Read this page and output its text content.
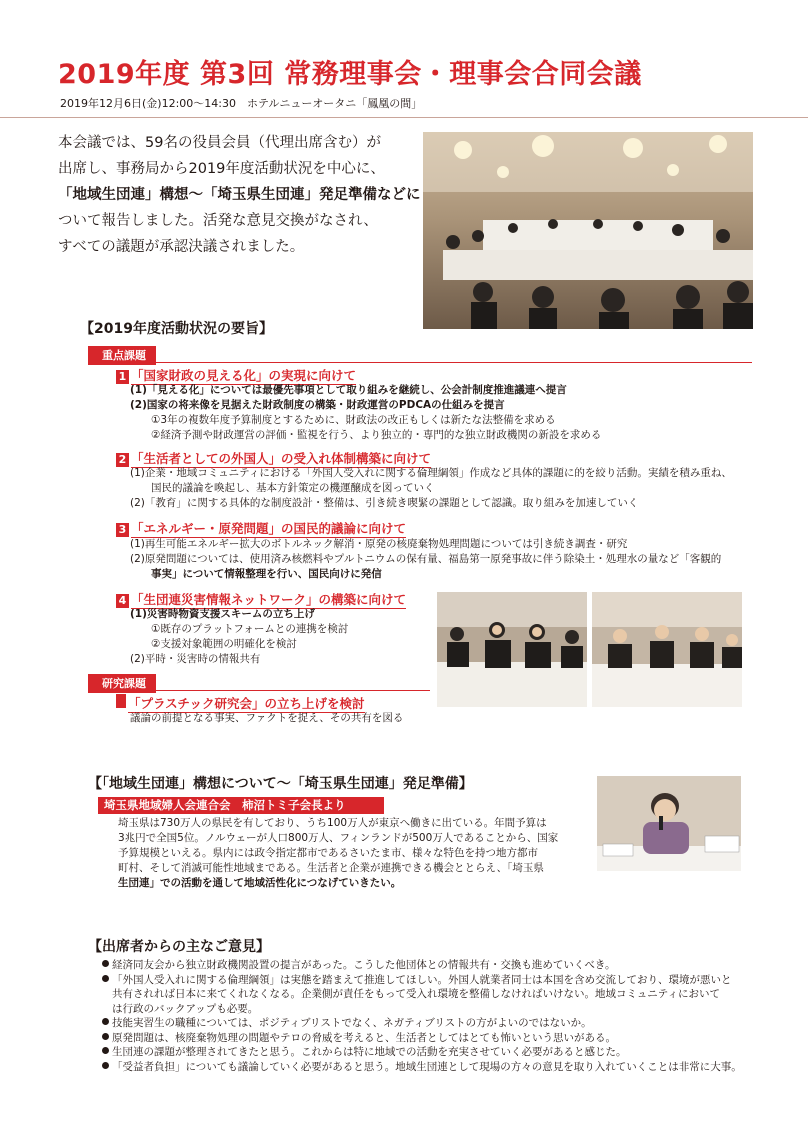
2019年度 第3回 常務理事会・理事会合同会議
2019年12月6日(金)12:00〜14:30　ホテルニューオータニ「鳳凰の間」

本会議では、59名の役員会員（代理出席含む）が

出席し、事務局から2019年度活動状況を中心に、

「地域生団連」構想〜「埼玉県生団連」発足準備などに

ついて報告しました。活発な意見交換がなされ、

すべての議題が承認決議されました。

【2019年度活動状況の要旨】
重点課題
1 「国家財政の見える化」の実現に向けて
(1)「見える化」については最優先事項として取り組みを継続し、公会計制度推進議連へ提言
(2)国家の将来像を見据えた財政制度の構築・財政運営のPDCAの仕組みを提言
　　①3年の複数年度予算制度とするために、財政法の改正もしくは新たな法整備を求める
　　②経済予測や財政運営の評価・監視を行う、より独立的・専門的な独立財政機関の新設を求める
2 「生活者としての外国人」の受入れ体制構築に向けて
(1)企業・地域コミュニティにおける「外国人受入れに関する倫理綱領」作成など具体的課題に的を絞り活動。実績を積み重ね、
　　国民的議論を喚起し、基本方針策定の機運醸成を図っていく
(2)「教育」に関する具体的な制度設計・整備は、引き続き喫緊の課題として認識。取り組みを加速していく
3 「エネルギー・原発問題」の国民的議論に向けて
(1)再生可能エネルギー拡大のボトルネック解消・原発の核廃棄物処理問題については引き続き調査・研究
(2)原発問題については、使用済み核燃料やプルトニウムの保有量、福島第一原発事故に伴う除染土・処理水の量など「客観的
　　事実」について情報整理を行い、国民向けに発信
4 「生団連災害情報ネットワーク」の構築に向けて
(1)災害時物資支援スキームの立ち上げ
　　①既存のプラットフォームとの連携を検討
　　②支援対象範囲の明確化を検討
(2)平時・災害時の情報共有
研究課題
「プラスチック研究会」の立ち上げを検討
議論の前提となる事実、ファクトを捉え、その共有を図る
【「地域生団連」構想について〜「埼玉県生団連」発足準備】
埼玉県地域婦人会連合会　柿沼トミ子会長より

埼玉県は730万人の県民を有しており、うち100万人が東京へ働きに出ている。年間予算は

3兆円で全国5位。ノルウェーが人口800万人、フィンランドが500万人であることから、国家

予算規模といえる。県内には政令指定都市であるさいたま市、様々な特色を持つ地方都市

町村、そして消滅可能性地域まである。生活者と企業が連携できる機会ととらえ、「埼玉県

生団連」での活動を通して地域活性化につなげていきたい。

【出席者からの主なご意見】
経済同友会から独立財政機関設置の提言があった。こうした他団体との情報共有・交換も進めていくべき。
「外国人受入れに関する倫理綱領」は実態を踏まえて推進してほしい。外国人就業者同士は本国を含め交流しており、環境が悪いと
共有されれば日本に来てくれなくなる。企業側が責任をもって受入れ環境を整備しなければいけない。地域コミュニティにおいて
は行政のバックアップも必要。
技能実習生の職種については、ポジティブリストでなく、ネガティブリストの方がよいのではないか。
原発問題は、核廃棄物処理の問題やテロの脅威を考えると、生活者としてはとても怖いという思いがある。
生団連の課題が整理されてきたと思う。これからは特に地域での活動を充実させていく必要があると感じた。
「受益者負担」についても議論していく必要があると思う。地域生団連として現場の方々の意見を取り入れていくことは非常に大事。
